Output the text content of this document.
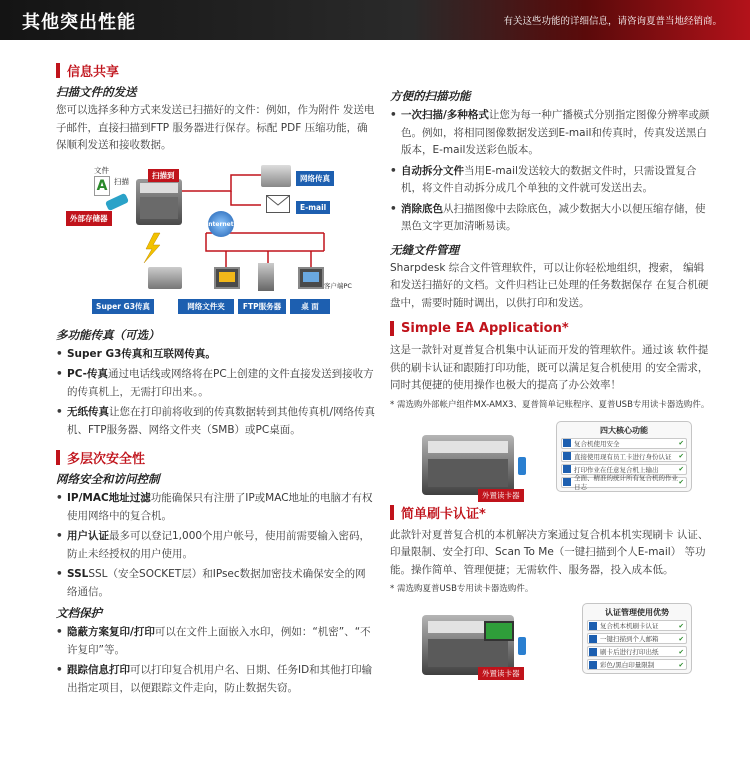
其他突出性能	有关这些功能的详细信息，请咨询夏普当地经销商。
信息共享
扫描文件的发送
您可以选择多种方式来发送已扫描好的文件：例如，作为附件 发送电子邮件，直接扫描到FTP 服务器进行保存。标配 PDF 压缩功能，确保顺利发送和接收数据。
文件
A 扫描
外部存储器
扫描到	网络传真
E-mail
Internet
客户端PC
Super G3传真	网络文件夹	FTP服务器	桌 面
多功能传真（可选）
• Super G3传真和互联网传真。
• PC-传真通过电话线或网络将在PC上创建的文件直接发送到接收方的传真机上，无需打印出来。。
• 无纸传真让您在打印前将收到的传真数据转到其他传真机/网络传真机、FTP服务器、网络文件夹（SMB）或PC桌面。
多层次安全性
网络安全和访问控制
• IP/MAC地址过滤功能确保只有注册了IP或MAC地址的电脑才有权使用网络中的复合机。
• 用户认证最多可以登记1,000个用户帐号，使用前需要输入密码，防止未经授权的用户使用。
• SSLSSL（安全SOCKET层）和IPsec数据加密技术确保安全的网络通信。
文档保护
• 隐蔽方案复印/打印可以在文件上面嵌入水印，例如：“机密”、“不许复印”等。
• 跟踪信息打印可以打印复合机用户名、日期、任务ID和其他打印输出指定项目，以便跟踪文件走向，防止数据失窃。
方便的扫描功能
• 一次扫描/多种格式让您为每一种广播模式分别指定图像分辨率或颜色。例如，将相同图像数据发送到E-mail和传真时，传真发送黑白版本，E-mail发送彩色版本。
• 自动拆分文件当用E-mail发送较大的数据文件时，只需设置复合机，将文件自动拆分成几个单独的文件就可发送出去。
• 消除底色从扫描图像中去除底色，减少数据大小以便压缩存储，使黑色文字更加清晰易读。
无缝文件管理
Sharpdesk 综合文件管理软件，可以让你轻松地组织，搜索， 编辑和发送扫描好的文档。文件归档让已处理的任务数据保存 在复合机硬盘中，需要时随时调出，以供打印和发送。
Simple EA Application*
这是一款针对夏普复合机集中认证而开发的管理软件。通过该 软件提供的刷卡认证和跟随打印功能，既可以满足复合机使用 的安全需求，同时其便捷的使用操作也极大的提高了办公效率！
* 需选购外部帐户组件MX-AMX3、夏普简单记账程序、夏普USB专用读卡器选购件。
外置读卡器
四大核心功能
复合机使用安全	✔
直接使用现有员工卡进行身份认证 ✔
打印作业在任意复合机上输出	✔
全面、精准的统计所有复合机的作业日志
✔
简单刷卡认证*
此款针对夏普复合机的本机解决方案通过复合机本机实现刷卡 认证、印量限制、安全打印、Scan To Me（一键扫描到个人E-mail） 等功能。操作简单、管理便捷；无需软件、服务器，投入成本低。
* 需选购夏普USB专用读卡器选购件。
外置读卡器
认证管理使用优势
复合机本机刷卡认证	✔
一键扫描到个人邮箱	✔
刷卡后进行打印出纸	✔
彩色/黑白印量限制	✔
